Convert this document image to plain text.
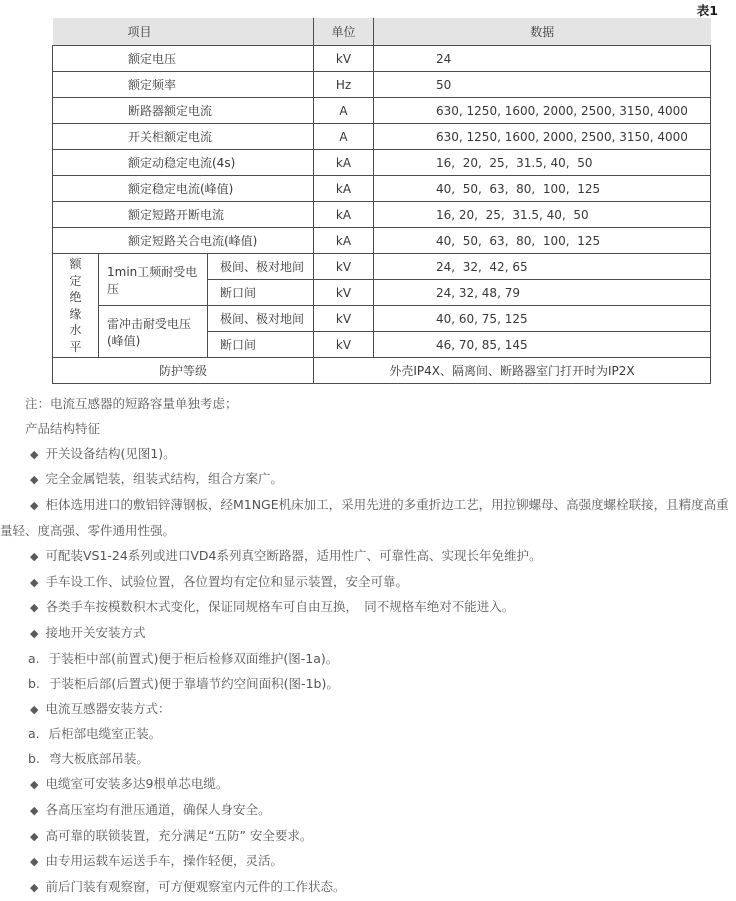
表1
项目			单位	数据
额定电压			kV	24
额定频率			Hz	50
断路器额定电流			A	630, 1250, 1600, 2000, 2500, 3150, 4000
开关柜额定电流			A	630, 1250, 1600, 2000, 2500, 3150, 4000
额定动稳定电流(4s)			kA	16,  20,  25,  31.5, 40,  50
额定稳定电流(峰值)			kA	40,  50,  63,  80,  100,  125
额定短路开断电流			kA	16, 20,  25,  31.5, 40,  50
额定短路关合电流(峰值)			kA	40,  50,  63,  80,  100,  125

额定绝缘水平	1min工频耐受电压	极间、极对地间	kV	24,  32,  42, 65
		断口间	kV	24, 32, 48, 79
	雷冲击耐受电压(峰值)	极间、极对地间	kV	40, 60, 75, 125
		断口间	kV	46, 70, 85, 145
防护等级			外壳IP4X、隔离间、断路器室门打开时为IP2X	

注：电流互感器的短路容量单独考虑；

产品结构特征

◆ 开关设备结构(见图1)。

◆ 完全金属铠装，组装式结构，组合方案广。

◆ 柜体选用进口的敷铝锌薄钢板，经M1NGE机床加工，采用先进的多重折边工艺，用拉铆螺母、高强度螺栓联接，且精度高重量轻、度高强、零件通用性强。

◆ 可配装VS1-24系列或进口VD4系列真空断路器，适用性广、可靠性高、实现长年免维护。

◆ 手车设工作、试验位置，各位置均有定位和显示装置，安全可靠。

◆ 各类手车按模数积木式变化，保证同规格车可自由互换，　同不规格车绝对不能进入。

◆ 接地开关安装方式

a. 于装柜中部(前置式)便于柜后检修双面维护(图-1a)。

b. 于装柜后部(后置式)便于靠墙节约空间面积(图-1b)。

◆ 电流互感器安装方式：

a. 后柜部电缆室正装。

b. 弯大板底部吊装。

◆ 电缆室可安装多达9根单芯电缆。

◆ 各高压室均有泄压通道，确保人身安全。

◆ 高可靠的联锁装置，充分满足“五防” 安全要求。

◆ 由专用运载车运送手车，操作轻便，灵活。

◆ 前后门装有观察窗，可方便观察室内元件的工作状态。
